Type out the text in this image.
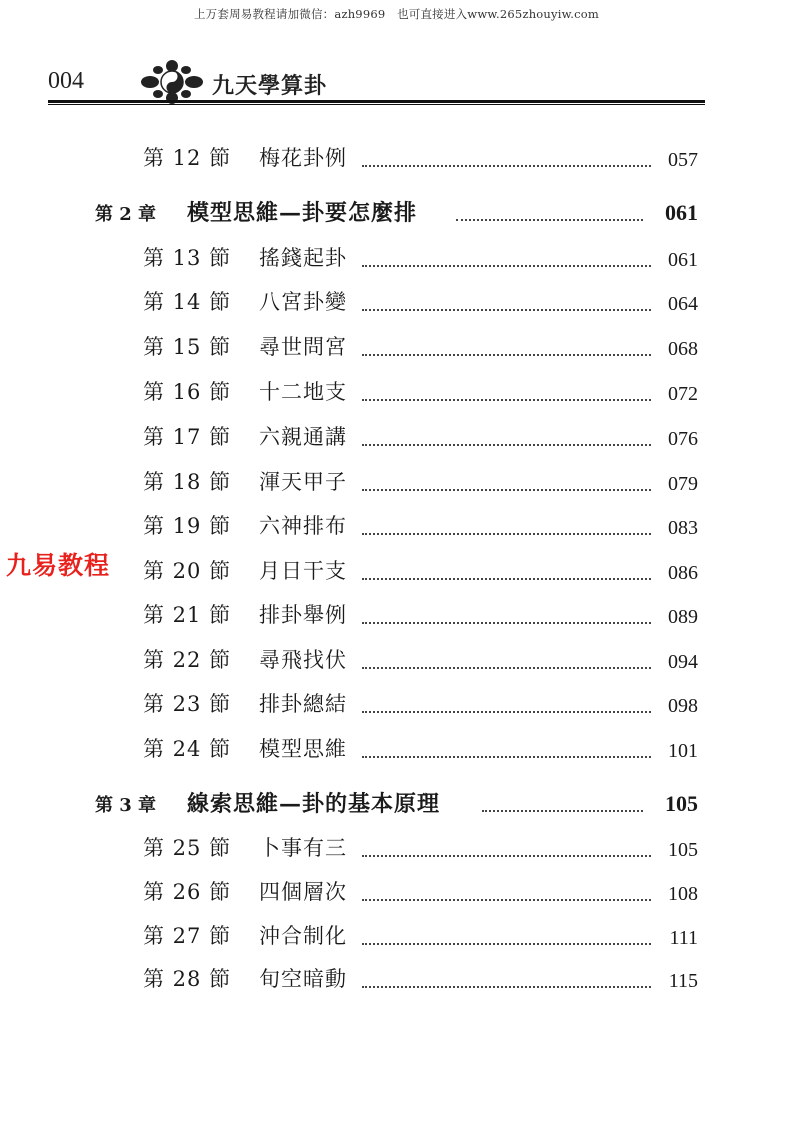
上万套周易教程请加微信：azh9969　也可直接进入www.265zhouyiw.com
004	九天學算卦
第 12 節 梅花卦例	057
第 2 章 模型思維—卦要怎麼排	061
第 13 節 搖錢起卦	061
第 14 節 八宮卦變	064
第 15 節 尋世問宮	068
第 16 節 十二地支	072
第 17 節 六親通講	076
第 18 節 渾天甲子	079
第 19 節 六神排布	083
第 20 節 月日干支	086
第 21 節 排卦舉例	089
第 22 節 尋飛找伏	094
第 23 節 排卦總結	098
第 24 節 模型思維	101
第 3 章 線索思維—卦的基本原理	105
第 25 節 卜事有三	105
第 26 節 四個層次	108
第 27 節 沖合制化	111
第 28 節 旬空暗動	115
九易教程
